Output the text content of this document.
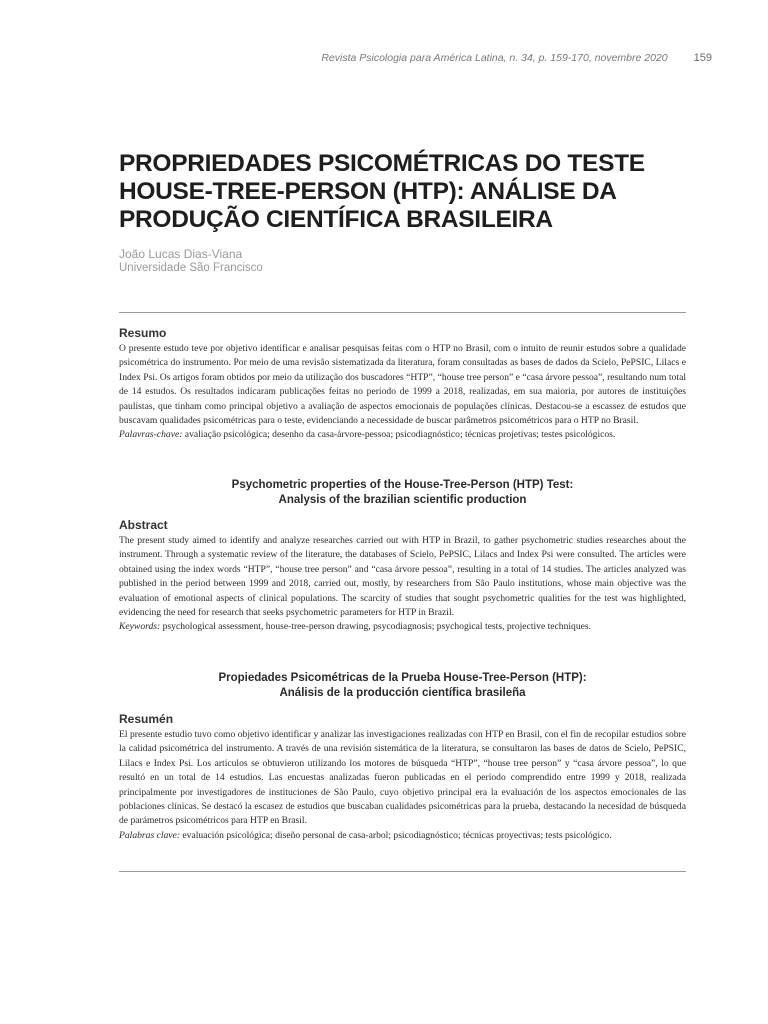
Revista Psicologia para América Latina, n. 34, p. 159-170, novembre 2020 159
PROPRIEDADES PSICOMÉTRICAS DO TESTE
HOUSE-TREE-PERSON (HTP): ANÁLISE DA
PRODUÇÃO CIENTÍFICA BRASILEIRA
João Lucas Dias-Viana
Universidade São Francisco
Resumo

O presente estudo teve por objetivo identificar e analisar pesquisas feitas com o HTP no Brasil, com o intuito de reunir estudos sobre a qualidade psicométrica do instrumento. Por meio de uma revisão sistematizada da literatura, foram consultadas as bases de dados da Scielo, PePSIC, Lilacs e Index Psi. Os artigos foram obtidos por meio da utilização dos buscadores “HTP”, “house tree person” e “casa árvore pessoa”, resultando num total de 14 estudos. Os resultados indicaram publicações feitas no período de 1999 a 2018, realizadas, em sua maioria, por autores de instituições paulistas, que tinham como principal objetivo a avaliação de aspectos emocionais de populações clínicas. Destacou-se a escassez de estudos que buscavam qualidades psicométricas para o teste, evidenciando a necessidade de buscar parâmetros psicométricos para o HTP no Brasil.

Palavras-chave: avaliação psicológica; desenho da casa-árvore-pessoa; psicodiagnóstico; técnicas projetivas; testes psicológicos.

Psychometric properties of the House-Tree-Person (HTP) Test:
Analysis of the brazilian scientific production
Abstract

The present study aimed to identify and analyze researches carried out with HTP in Brazil, to gather psychometric studies researches about the instrument. Through a systematic review of the literature, the databases of Scielo, PePSIC, Lilacs and Index Psi were consulted. The articles were obtained using the index words “HTP”, “house tree person” and “casa árvore pessoa”, resulting in a total of 14 studies. The articles analyzed was published in the period between 1999 and 2018, carried out, mostly, by researchers from São Paulo institutions, whose main objective was the evaluation of emotional aspects of clinical populations. The scarcity of studies that sought psychometric qualities for the test was highlighted, evidencing the need for research that seeks psychometric parameters for HTP in Brazil.

Keywords: psychological assessment, house-tree-person drawing, psycodiagnosis; psychogical tests, projective techniques.

Propiedades Psicométricas de la Prueba House-Tree-Person (HTP):
Análisis de la producción científica brasileña
Resumén

El presente estudio tuvo como objetivo identificar y analizar las investigaciones realizadas con HTP en Brasil, con el fin de recopilar estudios sobre la calidad psicométrica del instrumento. A través de una revisión sistemática de la literatura, se consultaron las bases de datos de Scielo, PePSIC, Lilacs e Index Psi. Los artículos se obtuvieron utilizando los motores de búsqueda “HTP”, “house tree person” y “casa árvore pessoa”, lo que resultó en un total de 14 estudios. Las encuestas analizadas fueron publicadas en el período comprendido entre 1999 y 2018, realizada principalmente por investigadores de instituciones de São Paulo, cuyo objetivo principal era la evaluación de los aspectos emocionales de las poblaciones clínicas. Se destacó la escasez de estudios que buscaban cualidades psicométricas para la prueba, destacando la necesidad de búsqueda de parámetros psicométricos para HTP en Brasil.

Palabras clave: evaluación psicológica; diseño personal de casa-arbol; psicodiagnóstico; técnicas proyectivas; tests psicológico.
